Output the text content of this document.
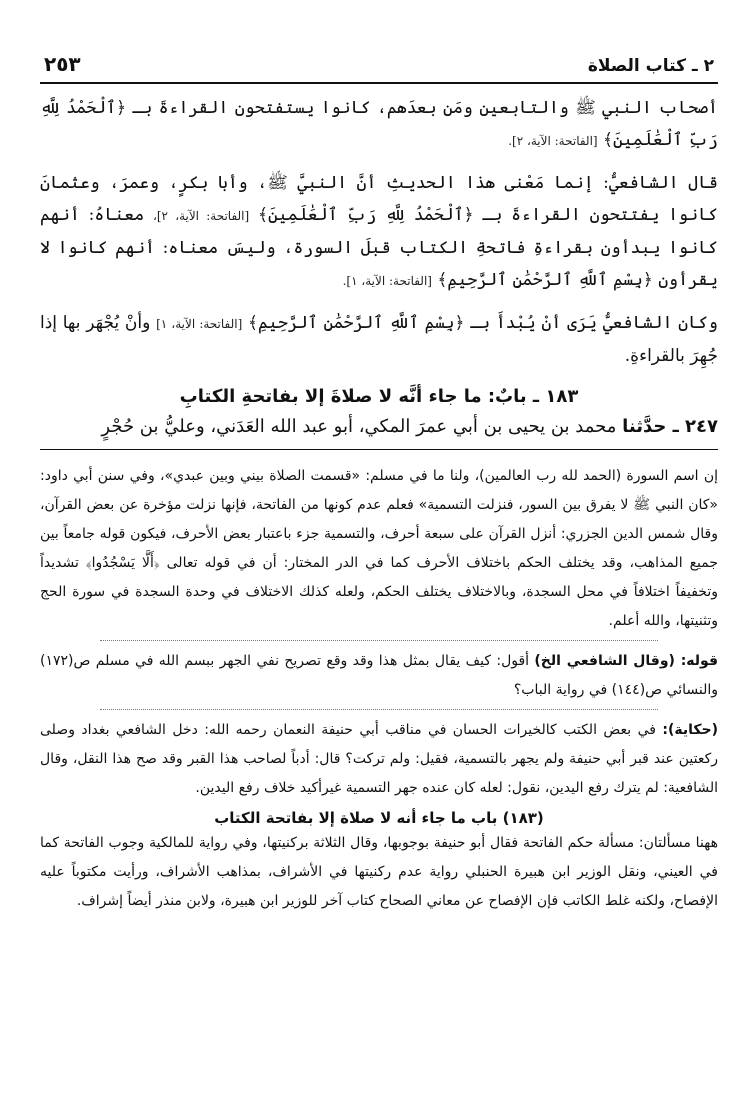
٢ ـ كتاب الصلاة
٢٥٣

أصحاب النبي ﷺ والتابعين ومَن بعدَهم، كانوا يستفتحون القراءةَ بـ ﴿ٱلْحَمْدُ لِلَّهِ رَبِّ ٱلْعَٰلَمِينَ﴾ [الفاتحة: الآية، ٢].

قال الشافعيُّ: إنما مَعْنى هذا الحديثِ أنَّ النبيَّ ﷺ، وأبا بكرٍ، وعمرَ، وعثمانَ كانوا يفتتحون القراءةَ بـ ﴿ٱلْحَمْدُ لِلَّهِ رَبِّ ٱلْعَٰلَمِينَ﴾ [الفاتحة: الآية، ٢]، معناهُ: أنهم كانوا يبدأون بقراءةِ فاتحةِ الكتاب قبلَ السورة، وليسَ معناه: أنهم كانوا لا يقرأون ﴿بِسْمِ ٱللَّهِ ٱلرَّحْمَٰنِ ٱلرَّحِيمِ﴾ [الفاتحة: الآية، ١].

وكان الشافعيُّ يَرَى أنْ يُبْدأَ بـ ﴿بِسْمِ ٱللَّهِ ٱلرَّحْمَٰنِ ٱلرَّحِيمِ﴾ [الفاتحة: الآية، ١] وأنْ يُجْهَر بها إذا جُهِرَ بالقراءةِ.

١٨٣ ـ بابٌ: ما جاء أنَّه لا صلاةَ إلا بفاتحةِ الكتابِ

٢٤٧ ـ حدَّثنا محمد بن يحيى بن أبي عمرَ المكي، أبو عبد الله العَدَني، وعليُّ بن حُجْرٍ

إن اسم السورة (الحمد لله رب العالمين)، ولنا ما في مسلم: «قسمت الصلاة بيني وبين عبدي»، وفي سنن أبي داود: «كان النبي ﷺ لا يفرق بين السور، فنزلت التسمية» فعلم عدم كونها من الفاتحة، فإنها نزلت مؤخرة عن بعض القرآن، وقال شمس الدين الجزري: أنزل القرآن على سبعة أحرف، والتسمية جزء باعتبار بعض الأحرف، فيكون قوله جامعاً بين جميع المذاهب، وقد يختلف الحكم باختلاف الأحرف كما في الدر المختار: أن في قوله تعالى ﴿أَلَّا يَسْجُدُوا﴾ تشديداً وتخفيفاً اختلافاً في محل السجدة، وبالاختلاف يختلف الحكم، ولعله كذلك الاختلاف في وحدة السجدة في سورة الحج وتثنيتها، والله أعلم.

قوله: (وقال الشافعي الخ) أقول: كيف يقال بمثل هذا وقد وقع تصريح نفي الجهر ببسم الله في مسلم ص(١٧٢) والنسائي ص(١٤٤) في رواية الباب؟

(حكاية): في بعض الكتب كالخيرات الحسان في مناقب أبي حنيفة النعمان رحمه الله: دخل الشافعي بغداد وصلى ركعتين عند قبر أبي حنيفة ولم يجهر بالتسمية، فقيل: ولم تركت؟ قال: أدباً لصاحب هذا القبر وقد صح هذا النقل، وقال الشافعية: لم يترك رفع اليدين، نقول: لعله كان عنده جهر التسمية غيرأكيد خلاف رفع اليدين.

(١٨٣) باب ما جاء أنه لا صلاة إلا بفاتحة الكتاب

ههنا مسألتان: مسألة حكم الفاتحة فقال أبو حنيفة بوجوبها، وقال الثلاثة بركنيتها، وفي رواية للمالكية وجوب الفاتحة كما في العيني، ونقل الوزير ابن هبيرة الحنبلي رواية عدم ركنيتها في الأشراف، بمذاهب الأشراف، ورأيت مكتوباً عليه الإفصاح، ولكنه غلط الكاتب فإن الإفصاح عن معاني الصحاح كتاب آخر للوزير ابن هبيرة، ولابن منذر أيضاً إشراف.
